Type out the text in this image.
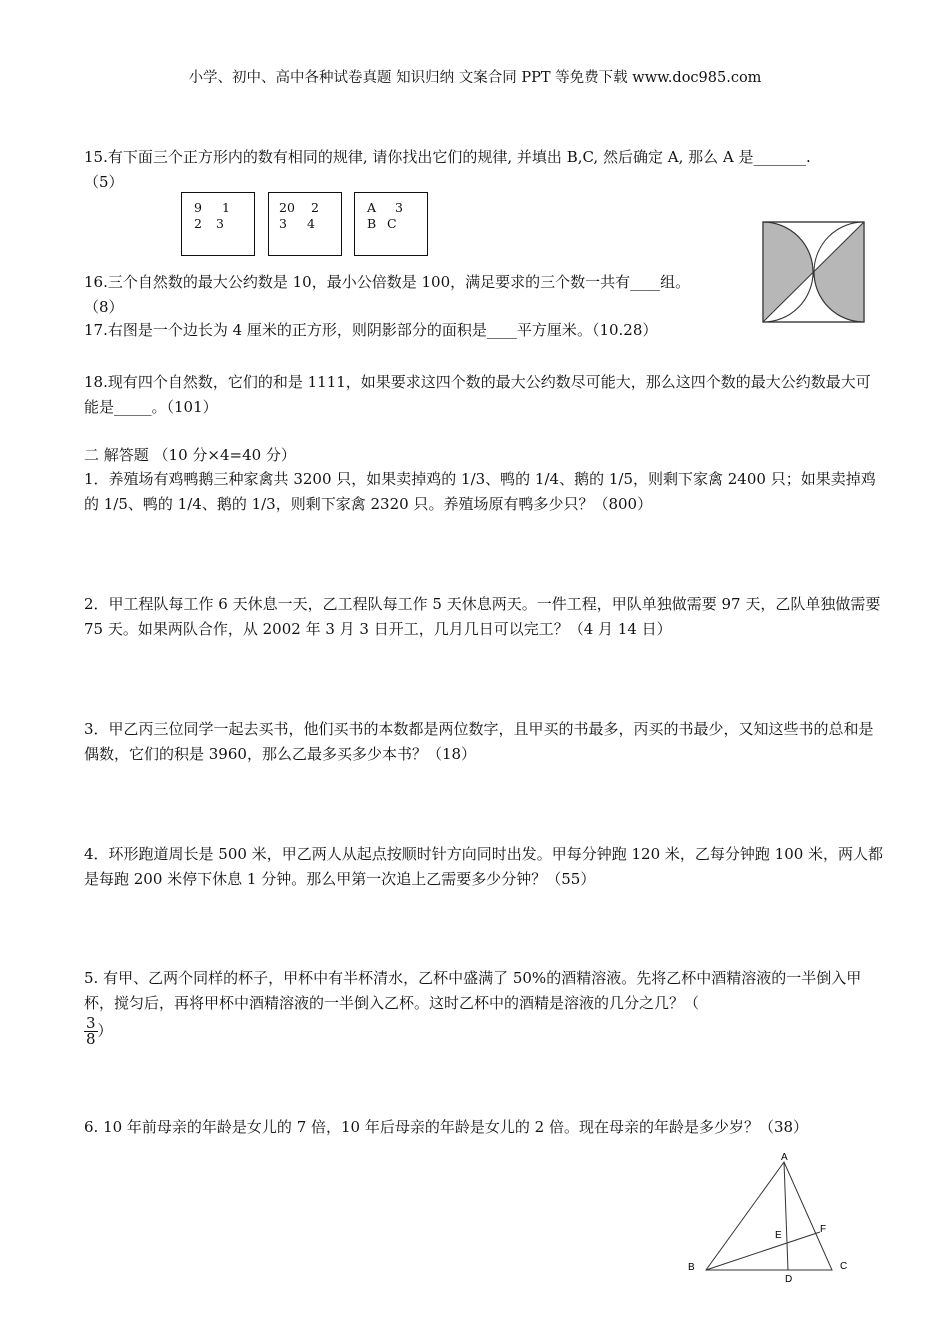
小学、初中、高中各种试卷真题 知识归纳 文案合同 PPT 等免费下载 www.doc985.com
15.有下面三个正方形内的数有相同的规律, 请你找出它们的规律, 并填出 B,C, 然后确定 A, 那么 A 是_______.
（5）
9 1
2 3
20 2
3 4
A 3
B C
16.三个自然数的最大公约数是 10，最小公倍数是 100，满足要求的三个数一共有____组。
（8）
17.右图是一个边长为 4 厘米的正方形，则阴影部分的面积是____平方厘米。（10.28）
18.现有四个自然数，它们的和是 1111，如果要求这四个数的最大公约数尽可能大，那么这四个数的最大公约数最大可能是_____。（101）
二 解答题 （10 分×4=40 分）
1．养殖场有鸡鸭鹅三种家禽共 3200 只，如果卖掉鸡的 1/3、鸭的 1/4、鹅的 1/5，则剩下家禽 2400 只；如果卖掉鸡的 1/5、鸭的 1/4、鹅的 1/3，则剩下家禽 2320 只。养殖场原有鸭多少只？（800）
2．甲工程队每工作 6 天休息一天，乙工程队每工作 5 天休息两天。一件工程，甲队单独做需要 97 天，乙队单独做需要 75 天。如果两队合作，从 2002 年 3 月 3 日开工，几月几日可以完工？（4 月 14 日）
3．甲乙丙三位同学一起去买书，他们买书的本数都是两位数字，且甲买的书最多，丙买的书最少，又知这些书的总和是偶数，它们的积是 3960，那么乙最多买多少本书？（18）
4．环形跑道周长是 500 米，甲乙两人从起点按顺时针方向同时出发。甲每分钟跑 120 米，乙每分钟跑 100 米，两人都是每跑 200 米停下休息 1 分钟。那么甲第一次追上乙需要多少分钟？（55）
5. 有甲、乙两个同样的杯子，甲杯中有半杯清水，乙杯中盛满了 50%的酒精溶液。先将乙杯中酒精溶液的一半倒入甲杯，搅匀后，再将甲杯中酒精溶液的一半倒入乙杯。这时乙杯中的酒精是溶液的几分之几？（

$\frac{3}{8}$ ）
6. 10 年前母亲的年龄是女儿的 7 倍，10 年后母亲的年龄是女儿的 2 倍。现在母亲的年龄是多少岁？（38）
A
B	C
D
E
F
